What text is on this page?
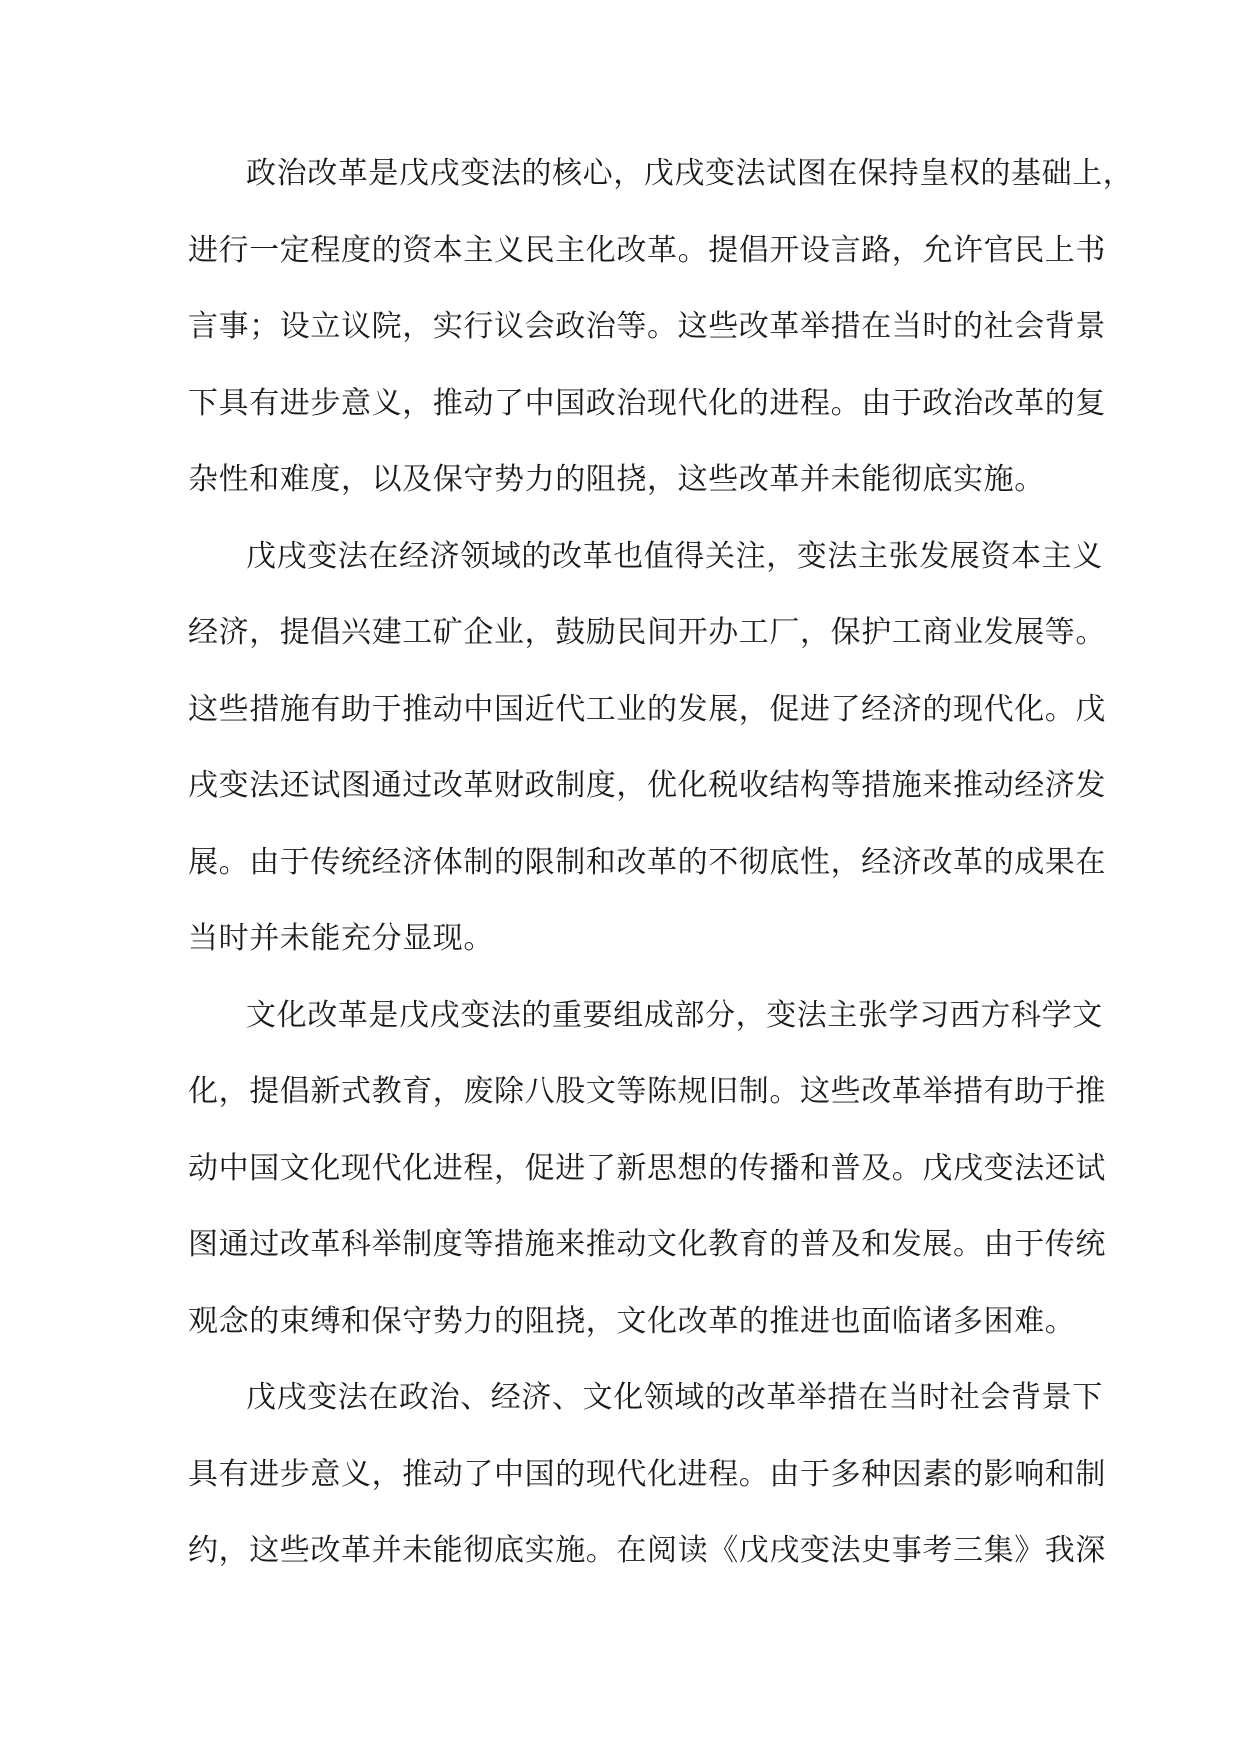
政治改革是戊戌变法的核心，戊戌变法试图在保持皇权的基础上，
进行一定程度的资本主义民主化改革。提倡开设言路，允许官民上书
言事；设立议院，实行议会政治等。这些改革举措在当时的社会背景
下具有进步意义，推动了中国政治现代化的进程。由于政治改革的复
杂性和难度，以及保守势力的阻挠，这些改革并未能彻底实施。
戊戌变法在经济领域的改革也值得关注，变法主张发展资本主义
经济，提倡兴建工矿企业，鼓励民间开办工厂，保护工商业发展等。
这些措施有助于推动中国近代工业的发展，促进了经济的现代化。戊
戌变法还试图通过改革财政制度，优化税收结构等措施来推动经济发
展。由于传统经济体制的限制和改革的不彻底性，经济改革的成果在
当时并未能充分显现。
文化改革是戊戌变法的重要组成部分，变法主张学习西方科学文
化，提倡新式教育，废除八股文等陈规旧制。这些改革举措有助于推
动中国文化现代化进程，促进了新思想的传播和普及。戊戌变法还试
图通过改革科举制度等措施来推动文化教育的普及和发展。由于传统
观念的束缚和保守势力的阻挠，文化改革的推进也面临诸多困难。
戊戌变法在政治、经济、文化领域的改革举措在当时社会背景下
具有进步意义，推动了中国的现代化进程。由于多种因素的影响和制
约，这些改革并未能彻底实施。在阅读《戊戌变法史事考三集》我深
